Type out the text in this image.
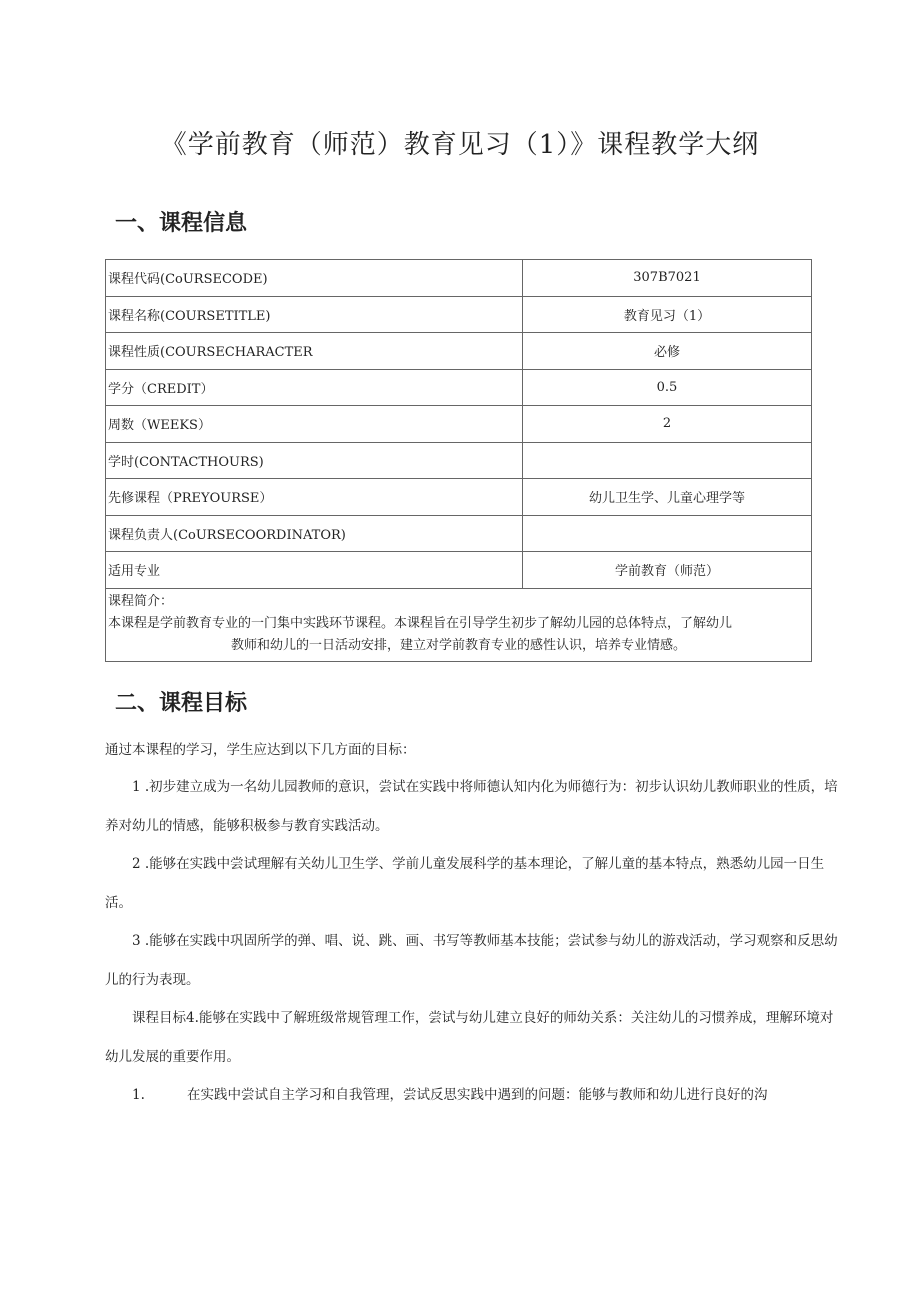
《学前教育（师范）教育见习（1）》课程教学大纲
一、课程信息
课程代码(CoURSECODE)	307B7021
课程名称(COURSETITLE)	教育见习（1）
课程性质(COURSECHARACTER	必修
学分（CREDIT）	0.5
周数（WEEKS）	2
学时(CONTACTHOURS)	
先修课程（PREYOURSE）	幼儿卫生学、儿童心理学等
课程负责人(CoURSECOORDINATOR)	
适用专业	学前教育（师范）

课程简介：
本课程是学前教育专业的一门集中实践环节课程。本课程旨在引导学生初步了解幼儿园的总体特点，了解幼儿
教师和幼儿的一日活动安排，建立对学前教育专业的感性认识，培养专业情感。	
二、课程目标
通过本课程的学习，学生应达到以下几方面的目标：
1 .初步建立成为一名幼儿园教师的意识，尝试在实践中将师德认知内化为师德行为：初步认识幼儿教师职业的性质，培养对幼儿的情感，能够积极参与教育实践活动。
2 .能够在实践中尝试理解有关幼儿卫生学、学前儿童发展科学的基本理论，了解儿童的基本特点，熟悉幼儿园一日生活。
3 .能够在实践中巩固所学的弹、唱、说、跳、画、书写等教师基本技能；尝试参与幼儿的游戏活动，学习观察和反思幼儿的行为表现。
课程目标4.能够在实践中了解班级常规管理工作，尝试与幼儿建立良好的师幼关系：关注幼儿的习惯养成，理解环境对幼儿发展的重要作用。
1.	在实践中尝试自主学习和自我管理，尝试反思实践中遇到的问题：能够与教师和幼儿进行良好的沟
